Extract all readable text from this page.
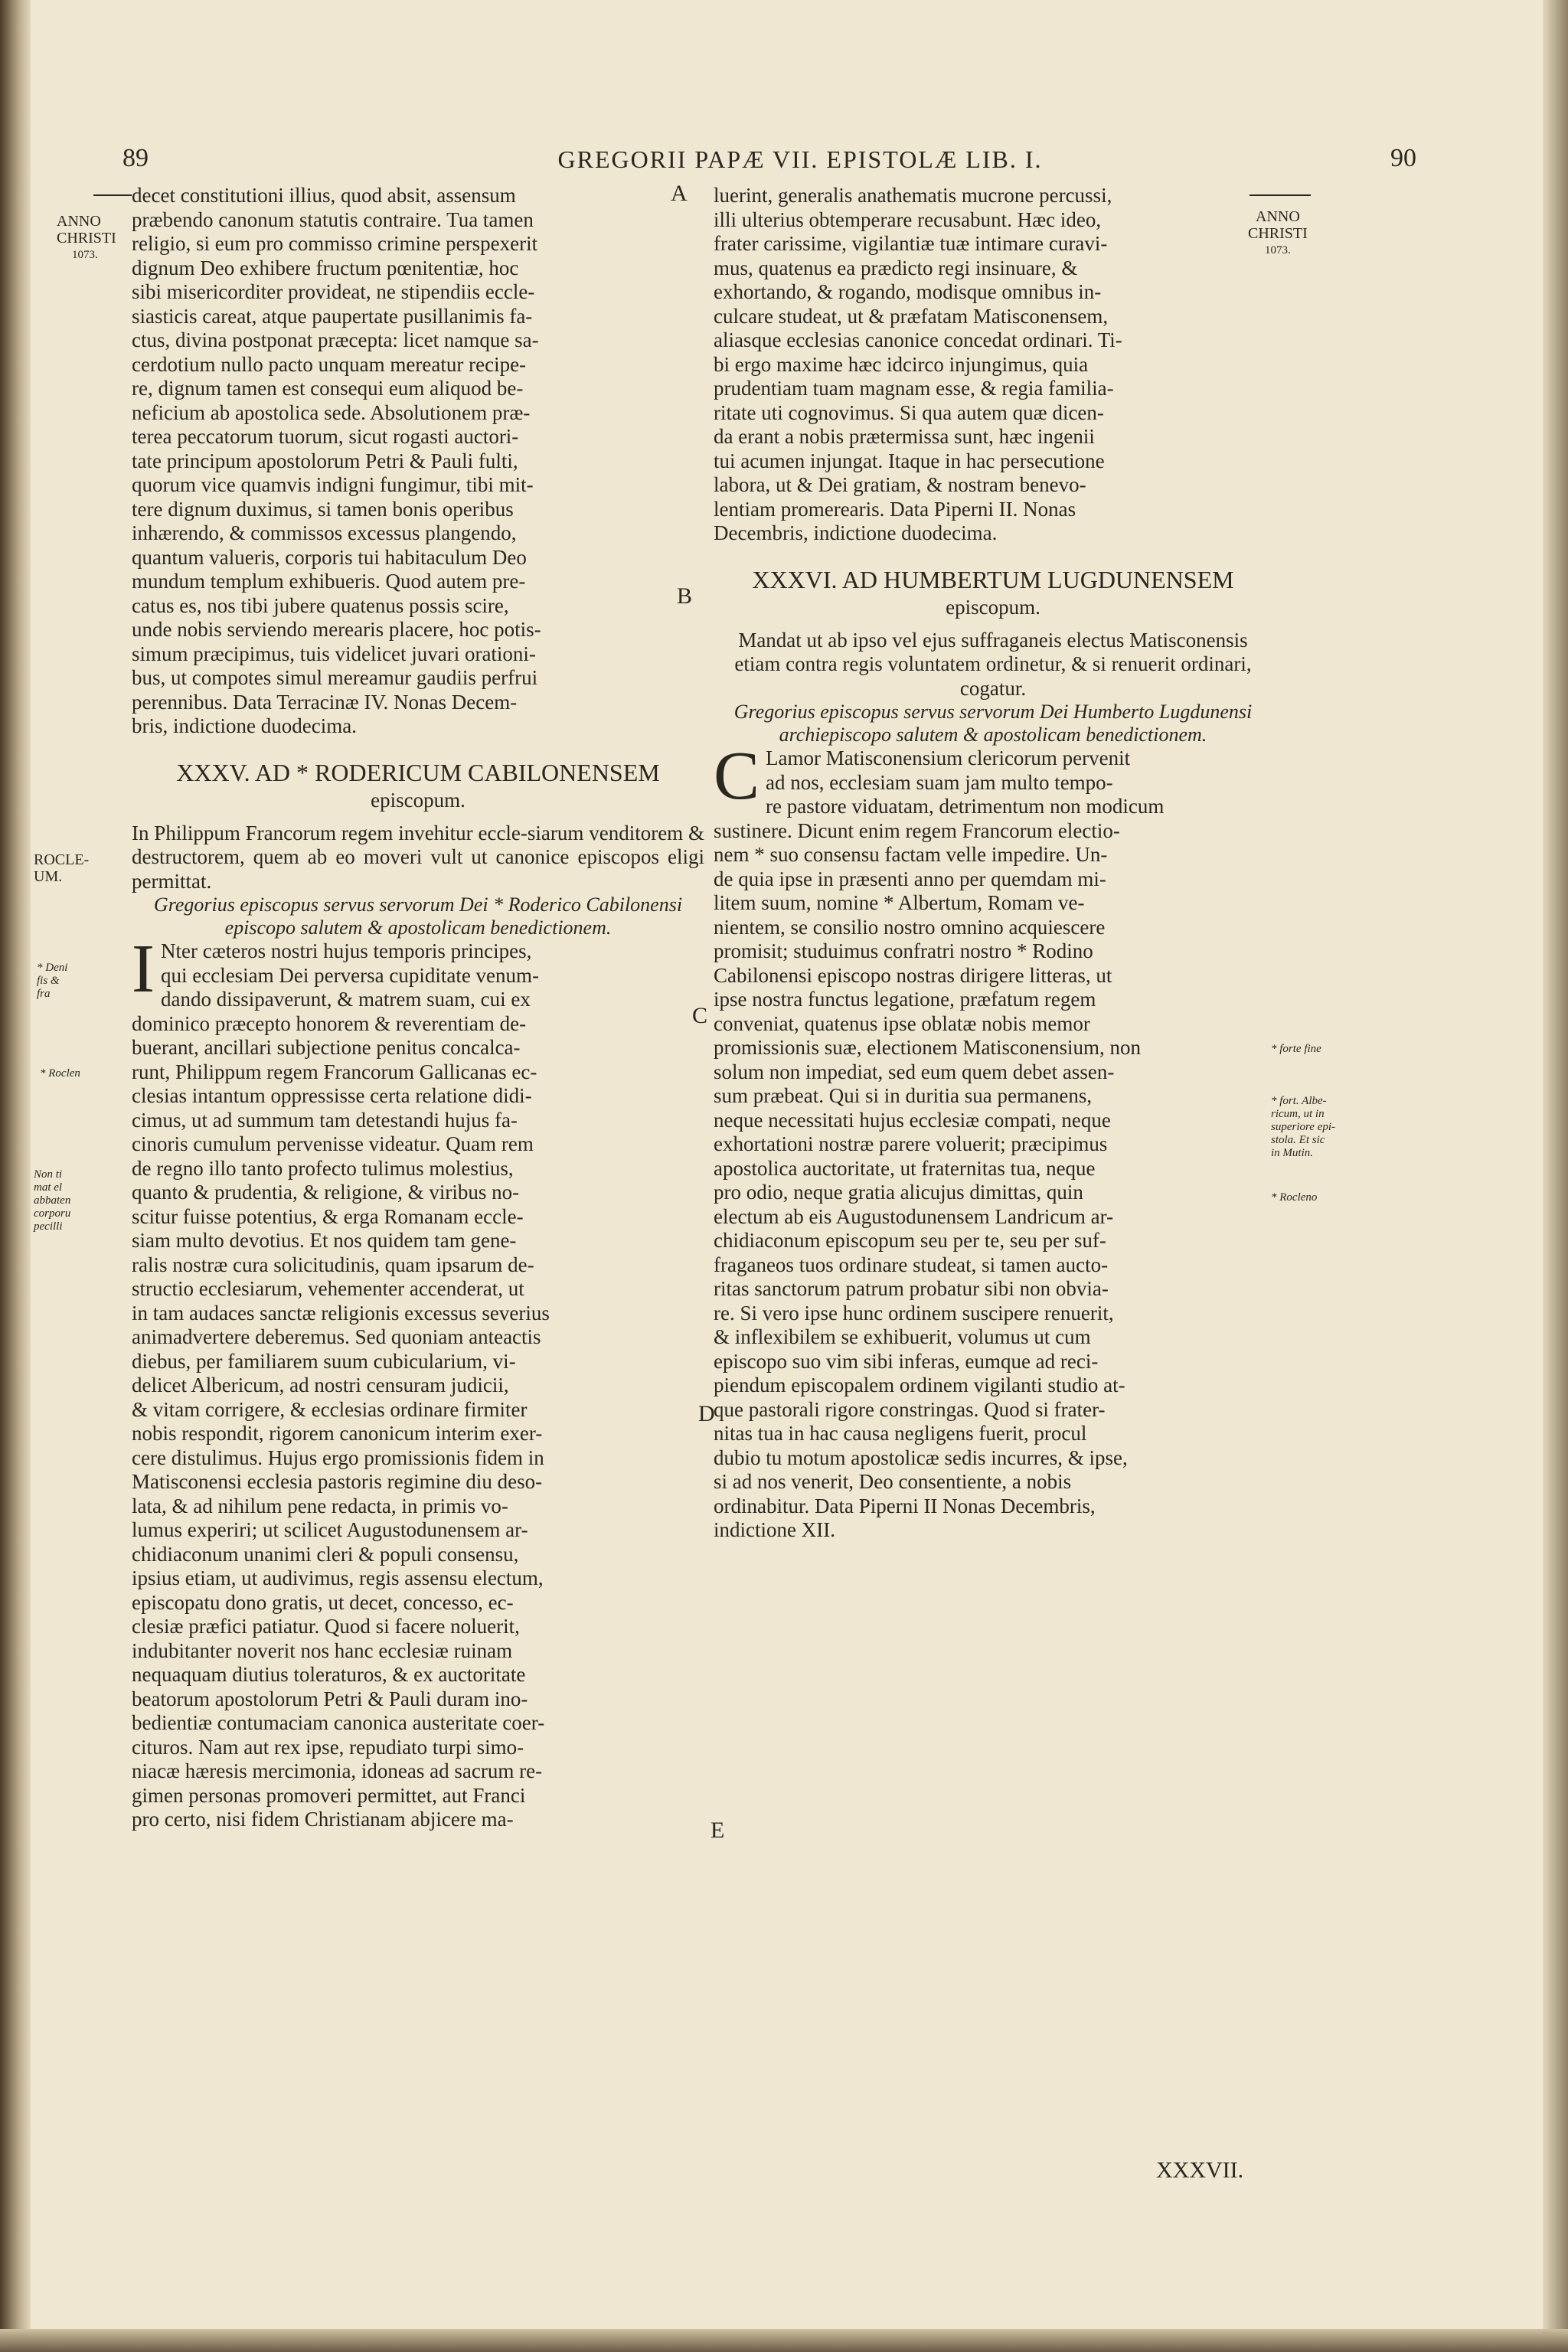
89	GREGORII PAPÆ VII. EPISTOLÆ LIB. I.	90
ANNO
CHRISTI
1073.
ROCLE-
UM.
* Deni
fis &
fra
* Roclen
Non ti
mat el
abbaten
corporu
pecilli
ANNO
CHRISTI
1073.
* forte fine
* fort. Albe-
ricum, ut in
superiore epi-
stola. Et sic
in Mutin.
* Rocleno
A
B
C
D
E
decet constitutioni illius, quod absit, assensum
præbendo canonum statutis contraire. Tua tamen
religio, si eum pro commisso crimine perspexerit
dignum Deo exhibere fructum pœnitentiæ, hoc
sibi misericorditer provideat, ne stipendiis eccle-
siasticis careat, atque paupertate pusillanimis fa-
ctus, divina postponat præcepta: licet namque sa-
cerdotium nullo pacto unquam mereatur recipe-
re, dignum tamen est consequi eum aliquod be-
neficium ab apostolica sede. Absolutionem præ-
terea peccatorum tuorum, sicut rogasti auctori-
tate principum apostolorum Petri & Pauli fulti,
quorum vice quamvis indigni fungimur, tibi mit-
tere dignum duximus, si tamen bonis operibus
inhærendo, & commissos excessus plangendo,
quantum valueris, corporis tui habitaculum Deo
mundum templum exhibueris. Quod autem pre-
catus es, nos tibi jubere quatenus possis scire,
unde nobis serviendo merearis placere, hoc potis-
simum præcipimus, tuis videlicet juvari orationi-
bus, ut compotes simul mereamur gaudiis perfrui
perennibus. Data Terracinæ IV. Nonas Decem-
bris, indictione duodecima.
XXXV. AD * RODERICUM CABILONENSEM
episcopum.

In Philippum Francorum regem invehitur eccle-siarum venditorem & destructorem, quem ab eo moveri vult ut canonice episcopos eligi permittat.

Gregorius episcopus servus servorum Dei * Roderico Cabilonensi episcopo salutem & apostolicam benedictionem.

I Nter cæteros nostri hujus temporis principes,
qui ecclesiam Dei perversa cupiditate venum-
dando dissipaverunt, & matrem suam, cui ex
dominico præcepto honorem & reverentiam de-
buerant, ancillari subjectione penitus concalca-
runt, Philippum regem Francorum Gallicanas ec-
clesias intantum oppressisse certa relatione didi-
cimus, ut ad summum tam detestandi hujus fa-
cinoris cumulum pervenisse videatur. Quam rem
de regno illo tanto profecto tulimus molestius,
quanto & prudentia, & religione, & viribus no-
scitur fuisse potentius, & erga Romanam eccle-
siam multo devotius. Et nos quidem tam gene-
ralis nostræ cura solicitudinis, quam ipsarum de-
structio ecclesiarum, vehementer accenderat, ut
in tam audaces sanctæ religionis excessus severius
animadvertere deberemus. Sed quoniam anteactis
diebus, per familiarem suum cubicularium, vi-
delicet Albericum, ad nostri censuram judicii,
& vitam corrigere, & ecclesias ordinare firmiter
nobis respondit, rigorem canonicum interim exer-
cere distulimus. Hujus ergo promissionis fidem in
Matisconensi ecclesia pastoris regimine diu deso-
lata, & ad nihilum pene redacta, in primis vo-
lumus experiri; ut scilicet Augustodunensem ar-
chidiaconum unanimi cleri & populi consensu,
ipsius etiam, ut audivimus, regis assensu electum,
episcopatu dono gratis, ut decet, concesso, ec-
clesiæ præfici patiatur. Quod si facere noluerit,
indubitanter noverit nos hanc ecclesiæ ruinam
nequaquam diutius toleraturos, & ex auctoritate
beatorum apostolorum Petri & Pauli duram ino-
bedientiæ contumaciam canonica austeritate coer-
cituros. Nam aut rex ipse, repudiato turpi simo-
niacæ hæresis mercimonia, idoneas ad sacrum re-
gimen personas promoveri permittet, aut Franci
pro certo, nisi fidem Christianam abjicere ma-
luerint, generalis anathematis mucrone percussi,
illi ulterius obtemperare recusabunt. Hæc ideo,
frater carissime, vigilantiæ tuæ intimare curavi-
mus, quatenus ea prædicto regi insinuare, &
exhortando, & rogando, modisque omnibus in-
culcare studeat, ut & præfatam Matisconensem,
aliasque ecclesias canonice concedat ordinari. Ti-
bi ergo maxime hæc idcirco injungimus, quia
prudentiam tuam magnam esse, & regia familia-
ritate uti cognovimus. Si qua autem quæ dicen-
da erant a nobis prætermissa sunt, hæc ingenii
tui acumen injungat. Itaque in hac persecutione
labora, ut & Dei gratiam, & nostram benevo-
lentiam promerearis. Data Piperni II. Nonas
Decembris, indictione duodecima.
XXXVI. AD HUMBERTUM LUGDUNENSEM
episcopum.

Mandat ut ab ipso vel ejus suffraganeis electus Matisconensis etiam contra regis voluntatem ordinetur, & si renuerit ordinari, cogatur.

Gregorius episcopus servus servorum Dei Humberto Lugdunensi archiepiscopo salutem & apostolicam benedictionem.

C Lamor Matisconensium clericorum pervenit
ad nos, ecclesiam suam jam multo tempo-
re pastore viduatam, detrimentum non modicum
sustinere. Dicunt enim regem Francorum electio-
nem * suo consensu factam velle impedire. Un-
de quia ipse in præsenti anno per quemdam mi-
litem suum, nomine * Albertum, Romam ve-
nientem, se consilio nostro omnino acquiescere
promisit; studuimus confratri nostro * Rodino
Cabilonensi episcopo nostras dirigere litteras, ut
ipse nostra functus legatione, præfatum regem
conveniat, quatenus ipse oblatæ nobis memor
promissionis suæ, electionem Matisconensium, non
solum non impediat, sed eum quem debet assen-
sum præbeat. Qui si in duritia sua permanens,
neque necessitati hujus ecclesiæ compati, neque
exhortationi nostræ parere voluerit; præcipimus
apostolica auctoritate, ut fraternitas tua, neque
pro odio, neque gratia alicujus dimittas, quin
electum ab eis Augustodunensem Landricum ar-
chidiaconum episcopum seu per te, seu per suf-
fraganeos tuos ordinare studeat, si tamen aucto-
ritas sanctorum patrum probatur sibi non obvia-
re. Si vero ipse hunc ordinem suscipere renuerit,
& inflexibilem se exhibuerit, volumus ut cum
episcopo suo vim sibi inferas, eumque ad reci-
piendum episcopalem ordinem vigilanti studio at-
que pastorali rigore constringas. Quod si frater-
nitas tua in hac causa negligens fuerit, procul
dubio tu motum apostolicæ sedis incurres, & ipse,
si ad nos venerit, Deo consentiente, a nobis
ordinabitur. Data Piperni II Nonas Decembris,
indictione XII.
XXXVII.
